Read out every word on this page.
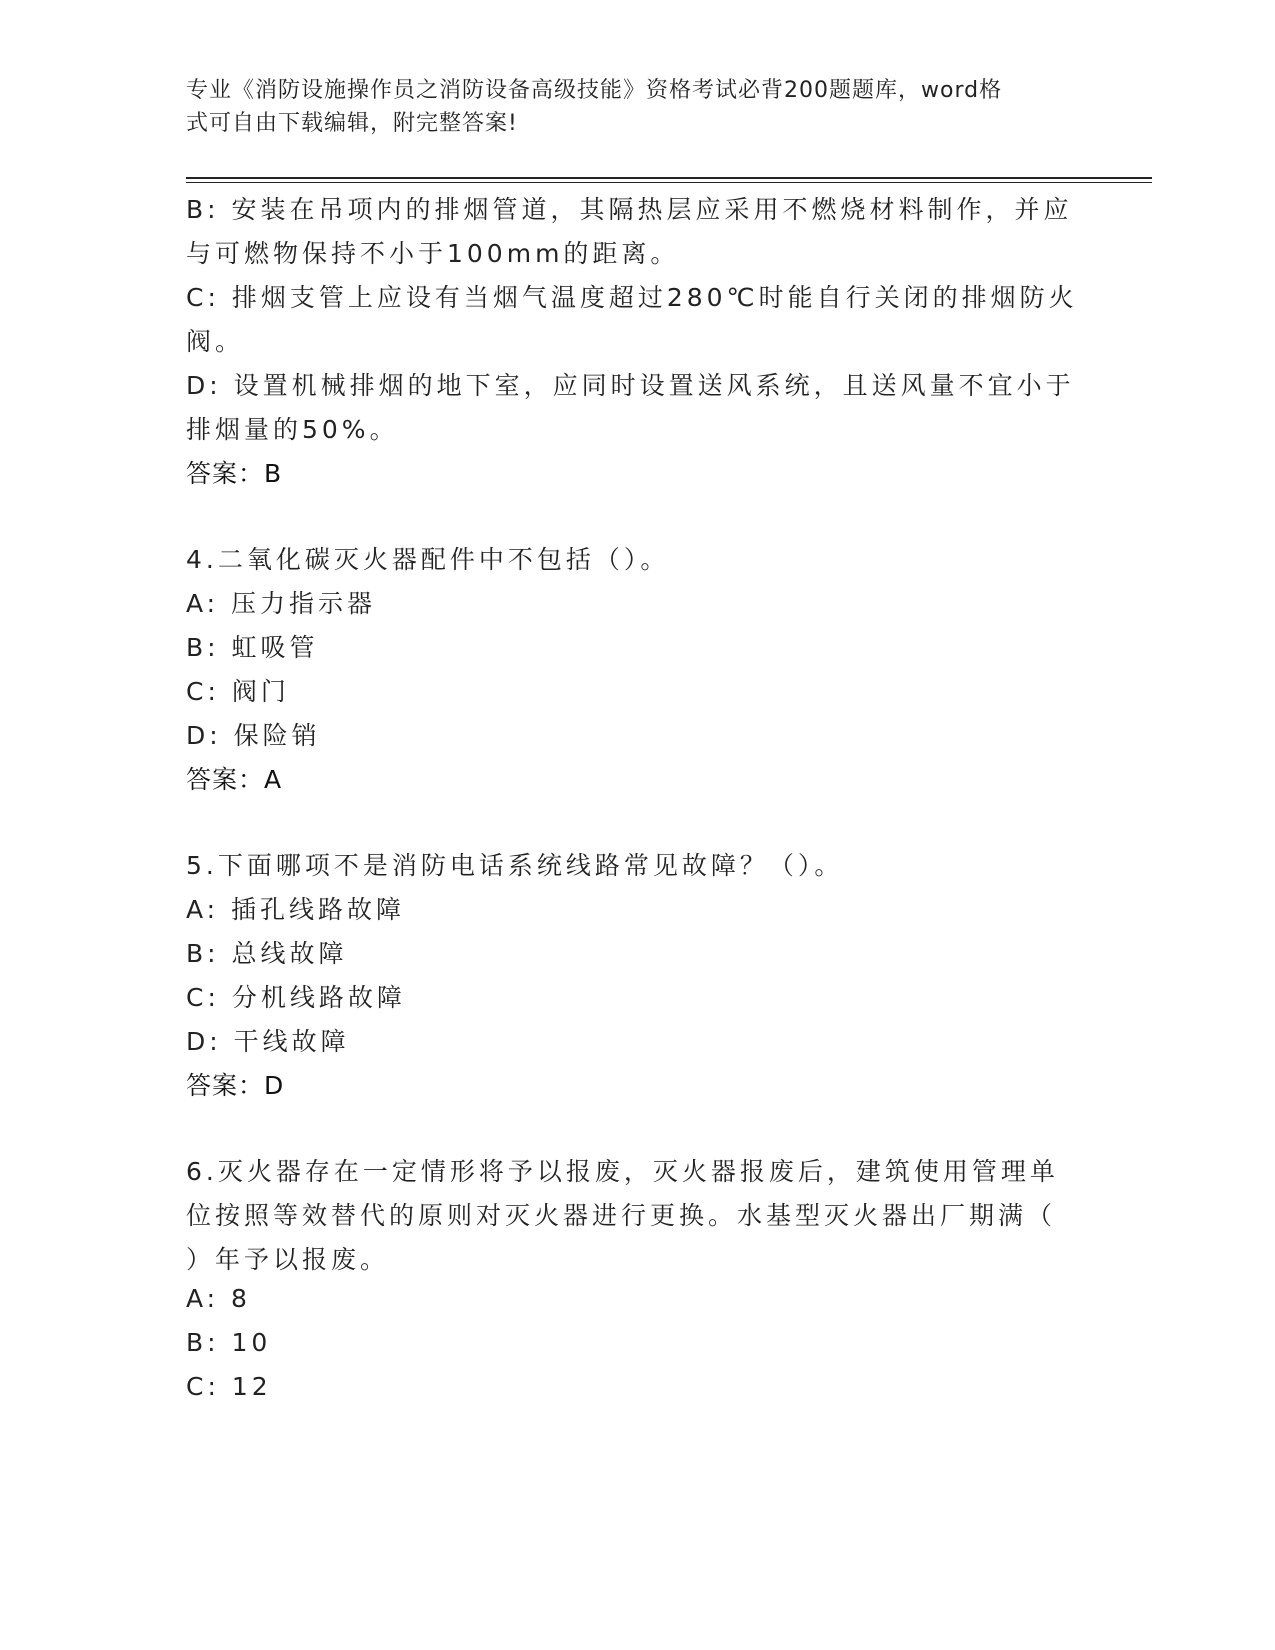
专业《消防设施操作员之消防设备高级技能》资格考试必背200题题库，word格
式可自由下载编辑，附完整答案!
B: 安装在吊项内的排烟管道，其隔热层应采用不燃烧材料制作，并应
与可燃物保持不小于100mm的距离。
C: 排烟支管上应设有当烟气温度超过280℃时能自行关闭的排烟防火
阀。
D: 设置机械排烟的地下室，应同时设置送风系统，且送风量不宜小于
排烟量的50%。
答案：B
4.二氧化碳灭火器配件中不包括（）。
A: 压力指示器
B: 虹吸管
C: 阀门
D: 保险销
答案：A
5.下面哪项不是消防电话系统线路常见故障？（）。
A: 插孔线路故障
B: 总线故障
C: 分机线路故障
D: 干线故障
答案：D
6.灭火器存在一定情形将予以报废，灭火器报废后，建筑使用管理单
位按照等效替代的原则对灭火器进行更换。水基型灭火器出厂期满（
）年予以报废。
A: 8
B: 10
C: 12
